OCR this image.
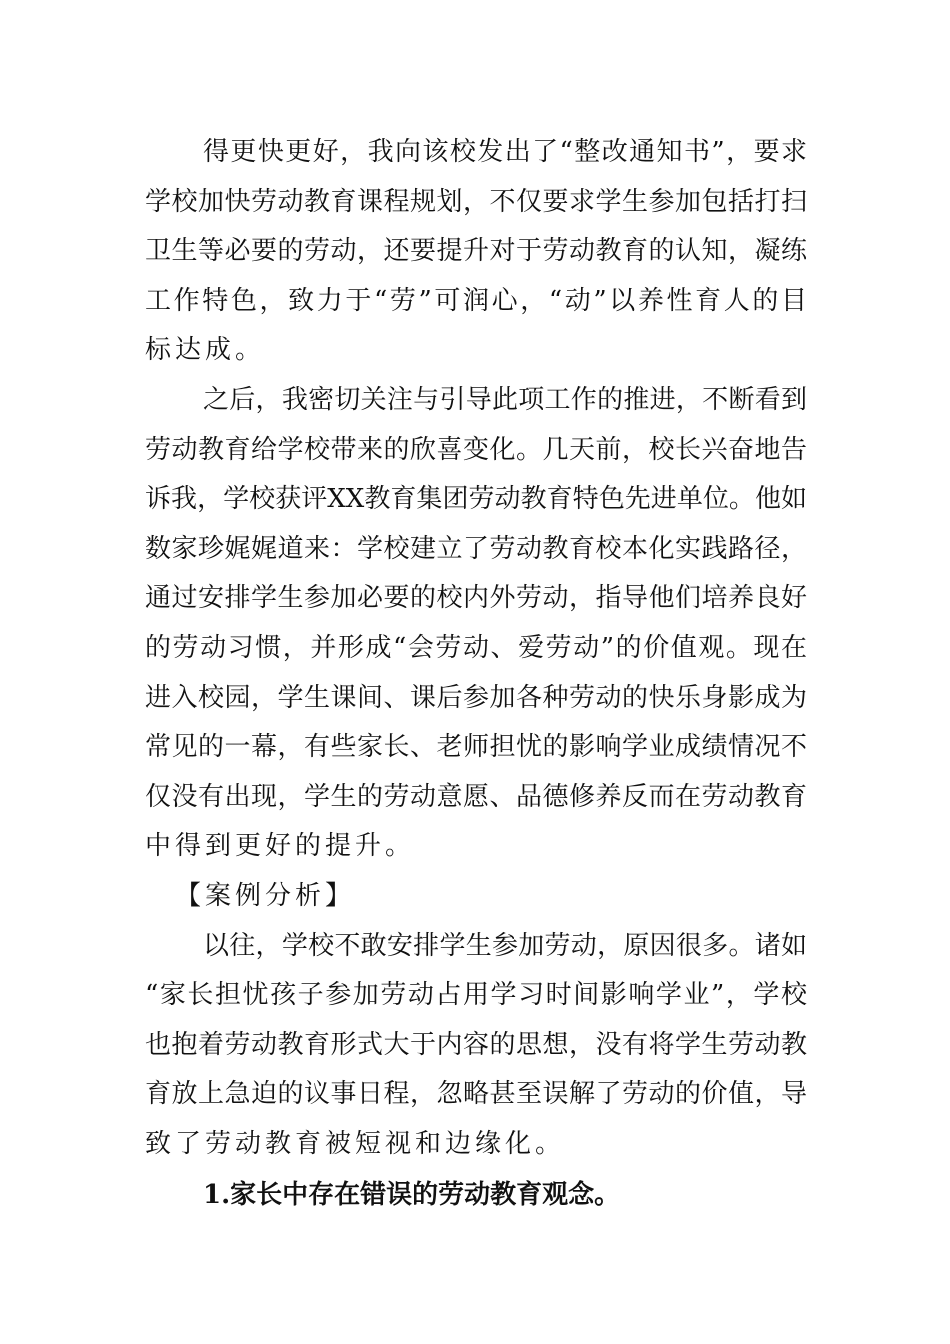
得更快更好，我向该校发出了“整改通知书”，要求
学校加快劳动教育课程规划，不仅要求学生参加包括打扫
卫生等必要的劳动，还要提升对于劳动教育的认知，凝练
工作特色，致力于“劳”可润心，“动”以养性育人的目
标达成。
之后，我密切关注与引导此项工作的推进，不断看到
劳动教育给学校带来的欣喜变化。几天前，校长兴奋地告
诉我，学校获评XX教育集团劳动教育特色先进单位。他如
数家珍娓娓道来：学校建立了劳动教育校本化实践路径，
通过安排学生参加必要的校内外劳动，指导他们培养良好
的劳动习惯，并形成“会劳动、爱劳动”的价值观。现在
进入校园，学生课间、课后参加各种劳动的快乐身影成为
常见的一幕，有些家长、老师担忧的影响学业成绩情况不
仅没有出现，学生的劳动意愿、品德修养反而在劳动教育
中得到更好的提升。
【案例分析】
以往，学校不敢安排学生参加劳动，原因很多。诸如
“家长担忧孩子参加劳动占用学习时间影响学业”，学校
也抱着劳动教育形式大于内容的思想，没有将学生劳动教
育放上急迫的议事日程，忽略甚至误解了劳动的价值，导
致了劳动教育被短视和边缘化。
1.家长中存在错误的劳动教育观念。
